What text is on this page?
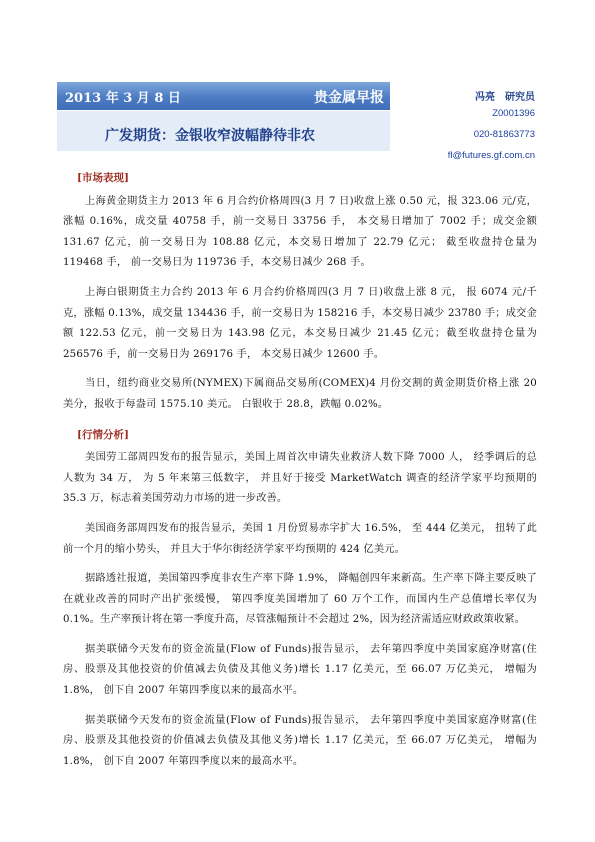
2013 年 3 月 8 日	贵金属早报
广发期货：金银收窄波幅静待非农
冯亮　研究员
Z0001396
020-81863773
fl@futures.gf.com.cn
[市场表现]

上海黄金期货主力 2013 年 6 月合约价格周四(3 月 7 日)收盘上涨 0.50 元，报 323.06 元/克，涨幅 0.16%，成交量 40758 手，前一交易日 33756 手， 本交易日增加了 7002 手；成交金额 131.67 亿元，前一交易日为 108.88 亿元，本交易日增加了 22.79 亿元； 截至收盘持仓量为 119468 手， 前一交易日为 119736 手，本交易日减少 268 手。

上海白银期货主力合约 2013 年 6 月合约价格周四(3 月 7 日)收盘上涨 8 元， 报 6074 元/千克，涨幅 0.13%，成交量 134436 手，前一交易日为 158216 手，本交易日减少 23780 手；成交金额 122.53 亿元，前一交易日为 143.98 亿元，本交易日减少 21.45 亿元；截至收盘持仓量为 256576 手，前一交易日为 269176 手， 本交易日减少 12600 手。

当日，纽约商业交易所(NYMEX)下属商品交易所(COMEX)4 月份交割的黄金期货价格上涨 20 美分，报收于每盎司 1575.10 美元。 白银收于 28.8，跌幅 0.02%。

[行情分析]

美国劳工部周四发布的报告显示，美国上周首次申请失业救济人数下降 7000 人， 经季调后的总人数为 34 万， 为 5 年来第三低数字， 并且好于接受 MarketWatch 调查的经济学家平均预期的 35.3 万，标志着美国劳动力市场的进一步改善。

美国商务部周四发布的报告显示，美国 1 月份贸易赤字扩大 16.5%， 至 444 亿美元， 扭转了此前一个月的缩小势头， 并且大于华尔街经济学家平均预期的 424 亿美元。

据路透社报道，美国第四季度非农生产率下降 1.9%， 降幅创四年来新高。生产率下降主要反映了在就业改善的同时产出扩张缓慢， 第四季度美国增加了 60 万个工作，而国内生产总值增长率仅为 0.1%。生产率预计将在第一季度升高，尽管涨幅预计不会超过 2%，因为经济需适应财政政策收紧。

据美联储今天发布的资金流量(Flow of Funds)报告显示， 去年第四季度中美国家庭净财富(住房、股票及其他投资的价值减去负债及其他义务)增长 1.17 亿美元，至 66.07 万亿美元， 增幅为 1.8%， 创下自 2007 年第四季度以来的最高水平。

据美联储今天发布的资金流量(Flow of Funds)报告显示， 去年第四季度中美国家庭净财富(住房、股票及其他投资的价值减去负债及其他义务)增长 1.17 亿美元，至 66.07 万亿美元， 增幅为 1.8%， 创下自 2007 年第四季度以来的最高水平。
